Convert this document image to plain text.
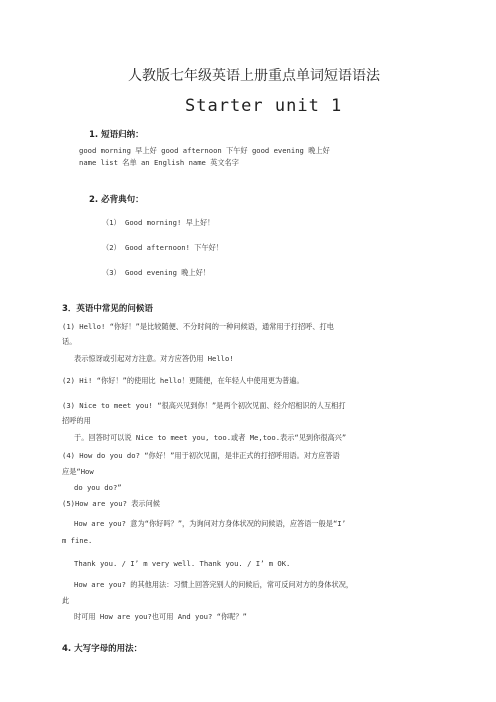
人教版七年级英语上册重点单词短语语法
Starter unit 1
1. 短语归纳：
good morning 早上好 good afternoon 下午好 good evening 晚上好
name list 名单 an English name 英文名字
2. 必背典句：
（1） Good morning! 早上好！
（2） Good afternoon! 下午好！
（3） Good evening 晚上好！
3．英语中常见的问候语
(1) Hello! “你好！”是比较随便、不分时间的一种问候语，通常用于打招呼、打电
话。
表示惊讶或引起对方注意。对方应答仍用 Hello!
(2) Hi! “你好！”的使用比 hello！更随便，在年轻人中使用更为普遍。
(3) Nice to meet you! “很高兴见到你！”是两个初次见面、经介绍相识的人互相打
招呼的用
于。回答时可以说 Nice to meet you, too.或者 Me,too.表示“见到你很高兴”
(4) How do you do? “你好！”用于初次见面，是非正式的打招呼用语。对方应答语
应是“How
do you do?”
(5)How are you? 表示问候
How are you? 意为“你好吗？”，为询问对方身体状况的问候语，应答语一般是“I’
m fine.
Thank you. / I’ m very well. Thank you. / I’ m OK.
How are you? 的其他用法：习惯上回答完别人的问候后，常可反问对方的身体状况，
此
时可用 How are you?也可用 And you? “你呢？”
4. 大写字母的用法：
